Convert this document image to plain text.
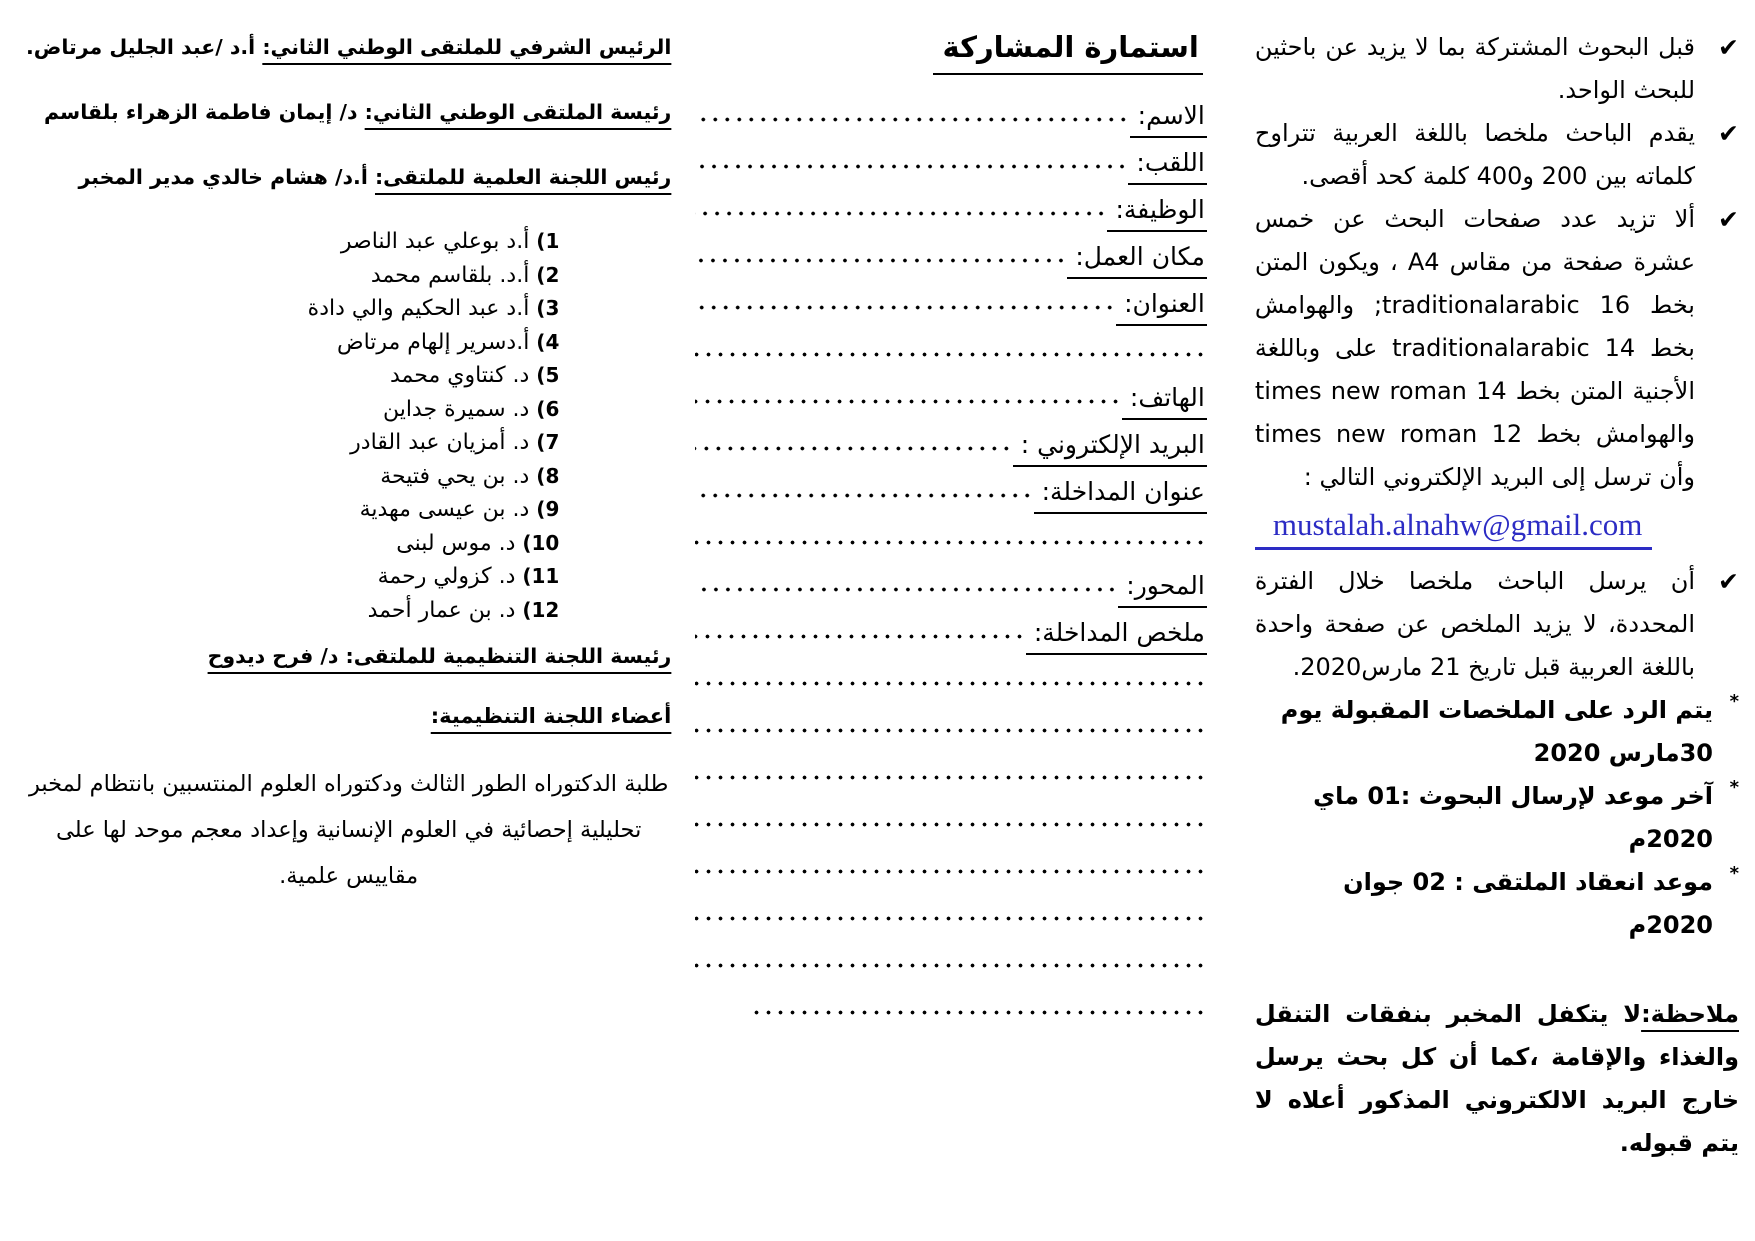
✔
قبل البحوث المشتركة بما لا يزيد عن باحثين للبحث الواحد.
✔
يقدم الباحث ملخصا باللغة العربية تتراوح كلماته بين 200 و400 كلمة كحد أقصى.
✔
ألا تزيد عدد صفحات البحث عن خمس عشرة صفحة من مقاس A4 ، ويكون المتن بخط 16 traditionalarabic; والهوامش بخط 14 traditionalarabic على وباللغة الأجنية المتن بخط 14 times new roman والهوامش بخط times new roman 12 وأن ترسل إلى البريد الإلكتروني التالي :
mustalah.alnahw@gmail.com
✔
أن يرسل الباحث ملخصا خلال الفترة المحددة، لا يزيد الملخص عن صفحة واحدة باللغة العربية قبل تاريخ 21 مارس2020.
*
يتم الرد على الملخصات المقبولة يوم 30مارس 2020
*
آخر موعد لإرسال البحوث :01 ماي 2020م
*
موعد انعقاد الملتقى : 02 جوان 2020م
ملاحظة:لا يتكفل المخبر بنفقات التنقل والغذاء والإقامة ،كما أن كل بحث يرسل خارج البريد الالكتروني المذكور أعلاه لا يتم قبوله.
استمارة المشاركة
الاسم:
اللقب:
الوظيفة:
مكان العمل:
العنوان:
الهاتف:
البريد الإلكتروني :
عنوان المداخلة:
المحور:
ملخص المداخلة:
الرئيس الشرفي للملتقى الوطني الثاني: أ.د /عبد الجليل مرتاض.
رئيسة الملتقى الوطني الثاني: د/ إيمان فاطمة الزهراء بلقاسم
رئيس اللجنة العلمية للملتقى: أ.د/ هشام خالدي مدير المخبر
1) أ.د بوعلي عبد الناصر
2) أ.د. بلقاسم محمد
3) أ.د عبد الحكيم والي دادة
4) أ.دسرير إلهام مرتاض
5) د. كنتاوي محمد
6) د. سميرة جداين
7) د. أمزيان عبد القادر
8) د. بن يحي فتيحة
9) د. بن عيسى مهدية
10) د. موس لبنى
11) د. كزولي رحمة
12) د. بن عمار أحمد
رئيسة اللجنة التنظيمية للملتقى: د/ فرح ديدوح
أعضاء اللجنة التنظيمية:

طلبة الدكتوراه الطور الثالث ودكتوراه العلوم المنتسبين بانتظام لمخبر تحليلية إحصائية في العلوم الإنسانية وإعداد معجم موحد لها على مقاييس علمية.
